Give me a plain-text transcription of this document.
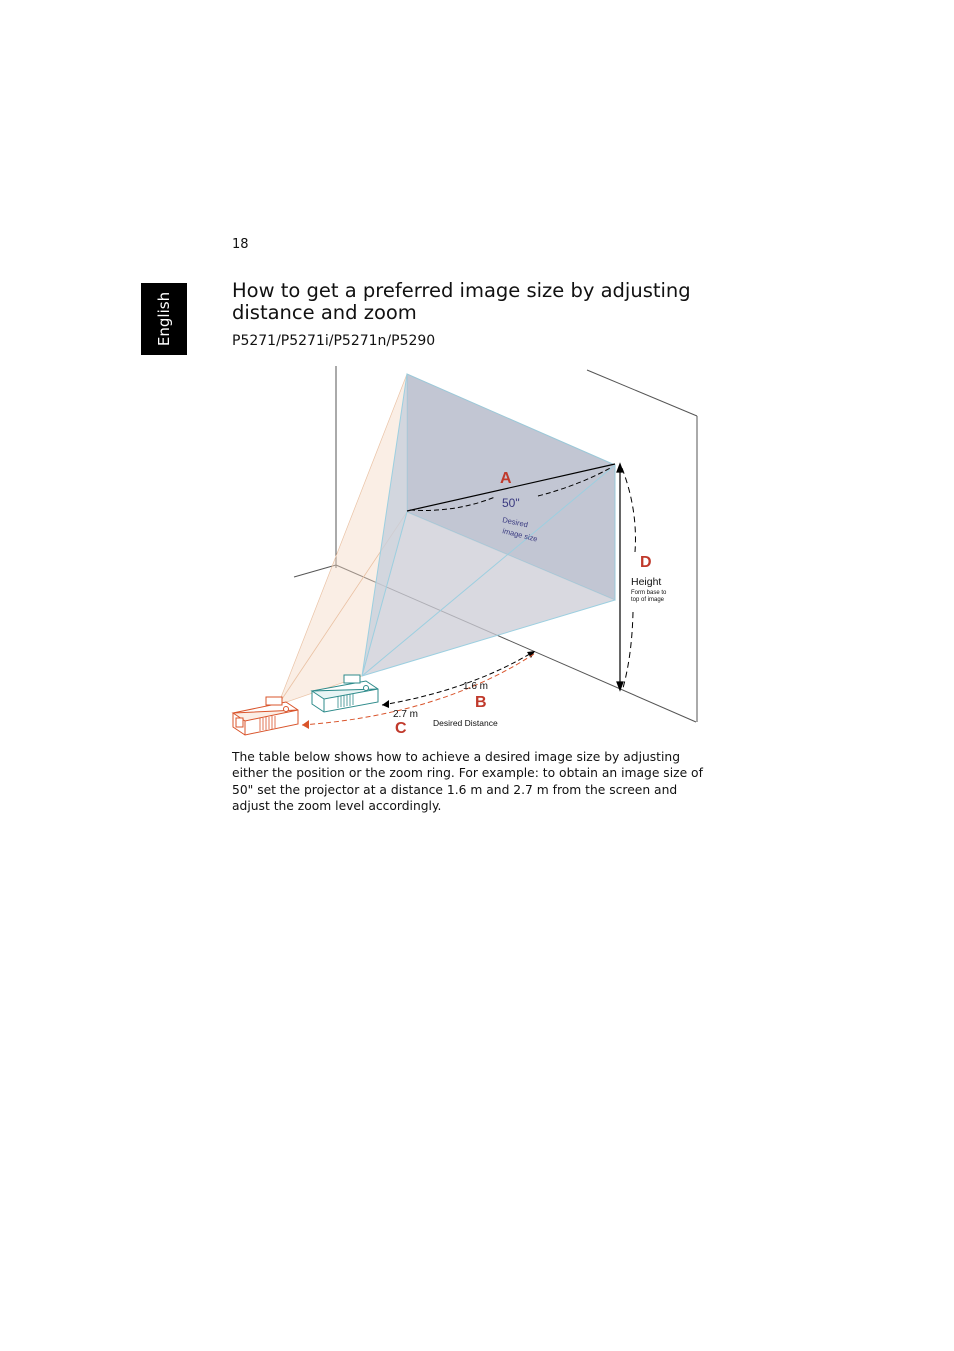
18
English
How to get a preferred image size by adjusting distance and zoom
P5271/P5271i/P5271n/P5290
A
50"
Desired
image size
D
Height
Form base to
top of image
1.6 m
B
2.7 m
C	Desired Distance

The table below shows how to achieve a desired image size by adjusting either the position or the zoom ring. For example: to obtain an image size of 50" set the projector at a distance 1.6 m and 2.7 m from the screen and adjust the zoom level accordingly.
